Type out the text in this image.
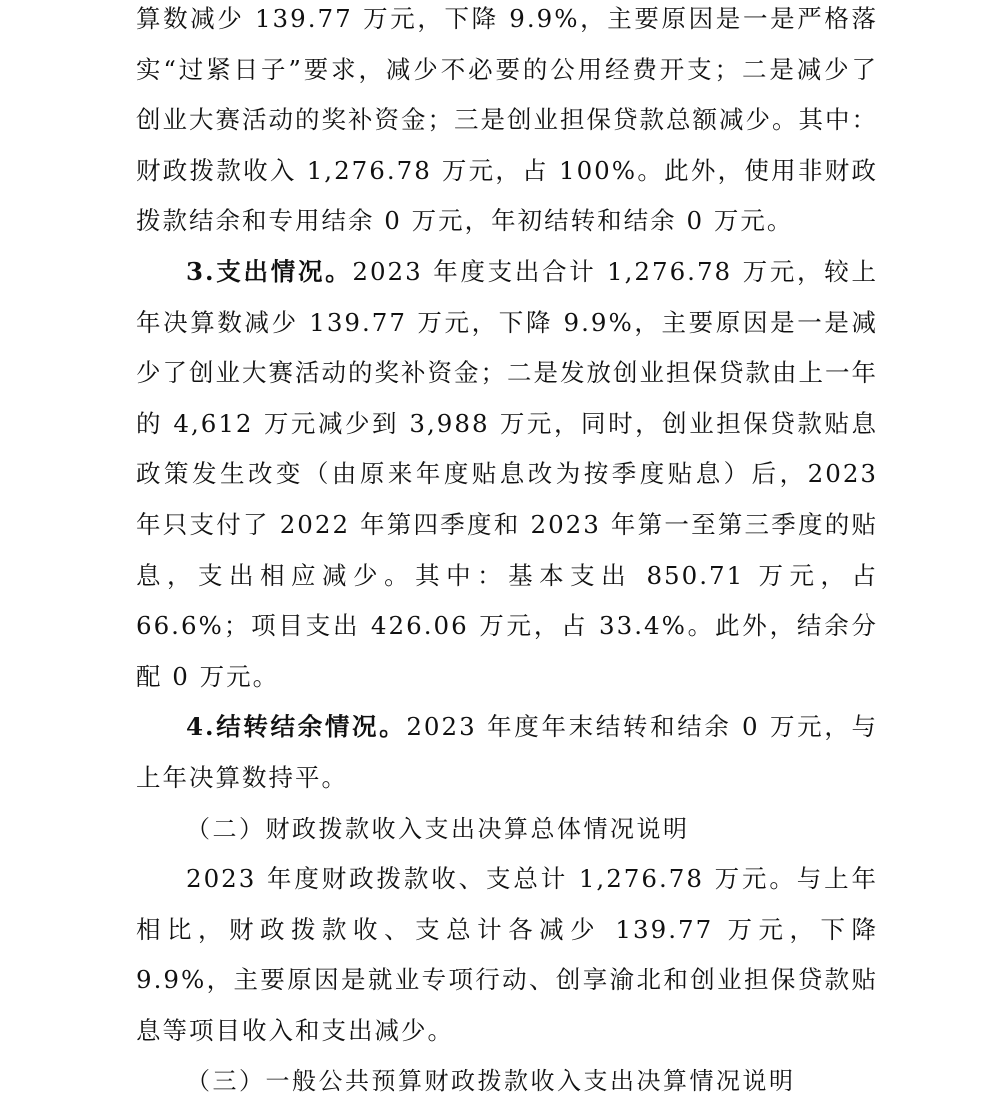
算数减少 139.77 万元，下降 9.9%，主要原因是一是严格落实“过紧日子”要求，减少不必要的公用经费开支；二是减少了创业大赛活动的奖补资金；三是创业担保贷款总额减少。其中：财政拨款收入 1,276.78 万元，占 100%。此外，使用非财政拨款结余和专用结余 0 万元，年初结转和结余 0 万元。

3.支出情况。2023 年度支出合计 1,276.78 万元，较上年决算数减少 139.77 万元，下降 9.9%，主要原因是一是减少了创业大赛活动的奖补资金；二是发放创业担保贷款由上一年的 4,612 万元减少到 3,988 万元，同时，创业担保贷款贴息政策发生改变（由原来年度贴息改为按季度贴息）后，2023 年只支付了 2022 年第四季度和 2023 年第一至第三季度的贴息，支出相应减少。其中：基本支出 850.71 万元，占 66.6%；项目支出 426.06 万元，占 33.4%。此外，结余分配 0 万元。

4.结转结余情况。2023 年度年末结转和结余 0 万元，与上年决算数持平。

（二）财政拨款收入支出决算总体情况说明

2023 年度财政拨款收、支总计 1,276.78 万元。与上年相比，财政拨款收、支总计各减少 139.77 万元，下降 9.9%，主要原因是就业专项行动、创享渝北和创业担保贷款贴息等项目收入和支出减少。

（三）一般公共预算财政拨款收入支出决算情况说明
